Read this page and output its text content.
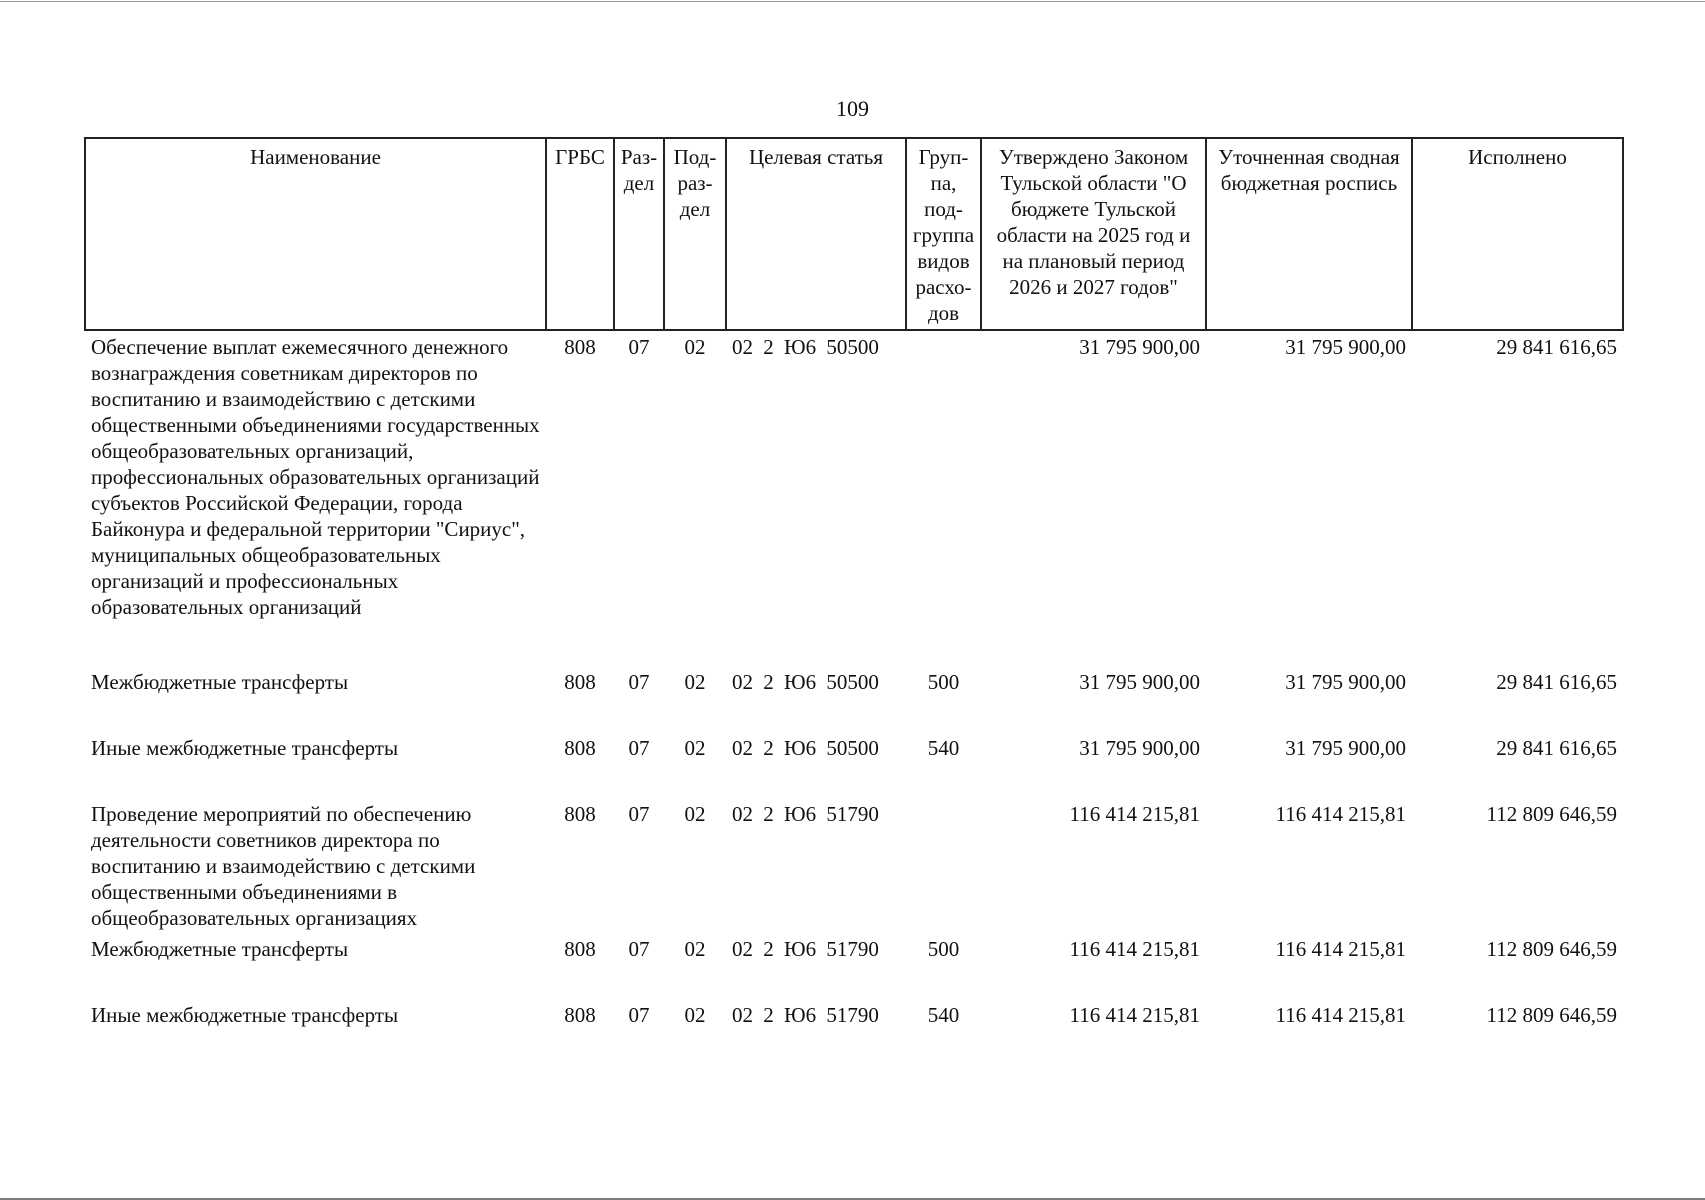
109
Наименование	ГРБС	Раз-дел	Под-раз-дел	Целевая статья	Груп-па, под-группа видов расхо-дов	Утверждено Законом Тульской области "О бюджете Тульской области на 2025 год и на плановый период 2026 и 2027 годов"	Уточненная сводная бюджетная роспись	Исполнено
Обеспечение выплат ежемесячного денежного вознаграждения советникам директоров по воспитанию и взаимодействию с детскими общественными объединениями государственных общеобразовательных организаций, профессиональных образовательных организаций субъектов Российской Федерации, города Байконура и федеральной территории "Сириус", муниципальных общеобразовательных организаций и профессиональных образовательных организаций	808	07	02	02 2 Ю6 50500		31 795 900,00	31 795 900,00	29 841 616,65
Межбюджетные трансферты	808	07	02	02 2 Ю6 50500	500	31 795 900,00	31 795 900,00	29 841 616,65
Иные межбюджетные трансферты	808	07	02	02 2 Ю6 50500	540	31 795 900,00	31 795 900,00	29 841 616,65
Проведение мероприятий по обеспечению деятельности советников директора по воспитанию и взаимодействию с детскими общественными объединениями в общеобразовательных организациях	808	07	02	02 2 Ю6 51790		116 414 215,81	116 414 215,81	112 809 646,59
Межбюджетные трансферты	808	07	02	02 2 Ю6 51790	500	116 414 215,81	116 414 215,81	112 809 646,59
Иные межбюджетные трансферты	808	07	02	02 2 Ю6 51790	540	116 414 215,81	116 414 215,81	112 809 646,59
